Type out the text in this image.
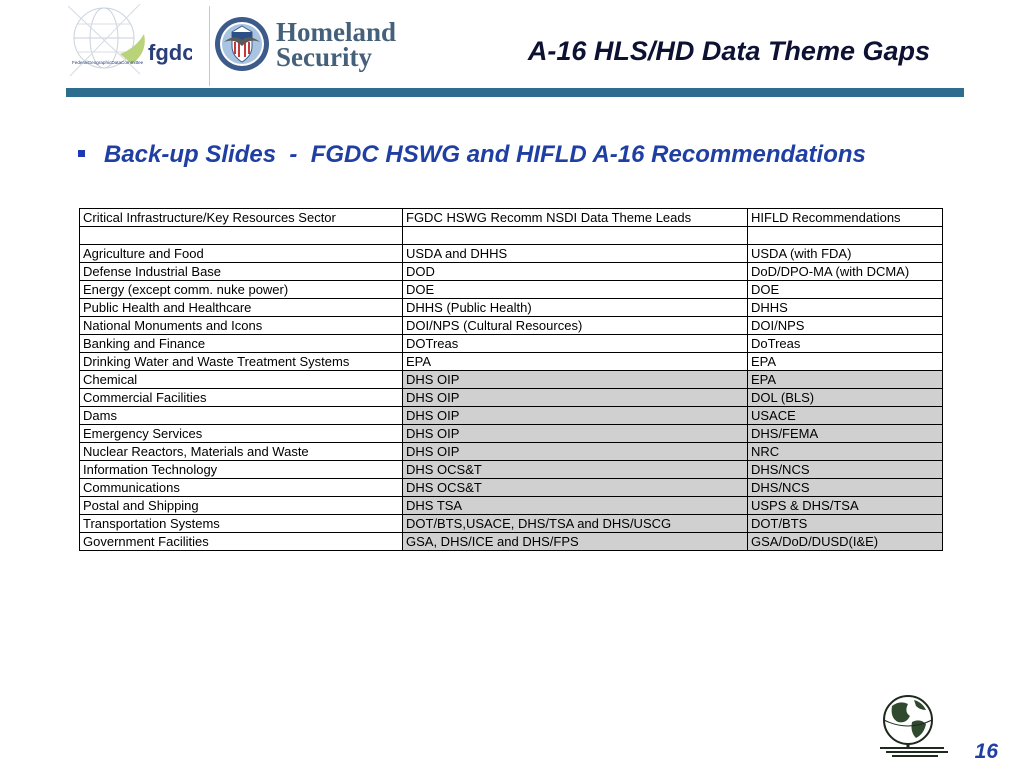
fgdc
FederalGeographicDataCommittee
Homeland
Security	A-16 HLS/HD Data Theme Gaps
Back-up Slides  -  FGDC HSWG and HIFLD A-16 Recommendations
Critical Infrastructure/Key Resources Sector	FGDC HSWG Recomm NSDI Data Theme Leads	HIFLD Recommendations

Agriculture and Food	USDA and DHHS	USDA (with FDA)
Defense Industrial Base	DOD	DoD/DPO-MA (with DCMA)
Energy (except comm. nuke power)	DOE	DOE
Public Health and Healthcare	DHHS (Public Health)	DHHS
National Monuments and Icons	DOI/NPS (Cultural Resources)	DOI/NPS
Banking and Finance	DOTreas	DoTreas
Drinking Water and Waste Treatment Systems	EPA	EPA
Chemical	DHS OIP	EPA
Commercial Facilities	DHS OIP	DOL (BLS)
Dams	DHS OIP	USACE
Emergency Services	DHS OIP	DHS/FEMA
Nuclear Reactors, Materials and Waste	DHS OIP	NRC
Information Technology	DHS OCS&T	DHS/NCS
Communications	DHS OCS&T	DHS/NCS
Postal and Shipping	DHS TSA	USPS & DHS/TSA
Transportation Systems	DOT/BTS,USACE, DHS/TSA and DHS/USCG	DOT/BTS
Government Facilities	GSA, DHS/ICE and DHS/FPS	GSA/DoD/DUSD(I&E)
16
